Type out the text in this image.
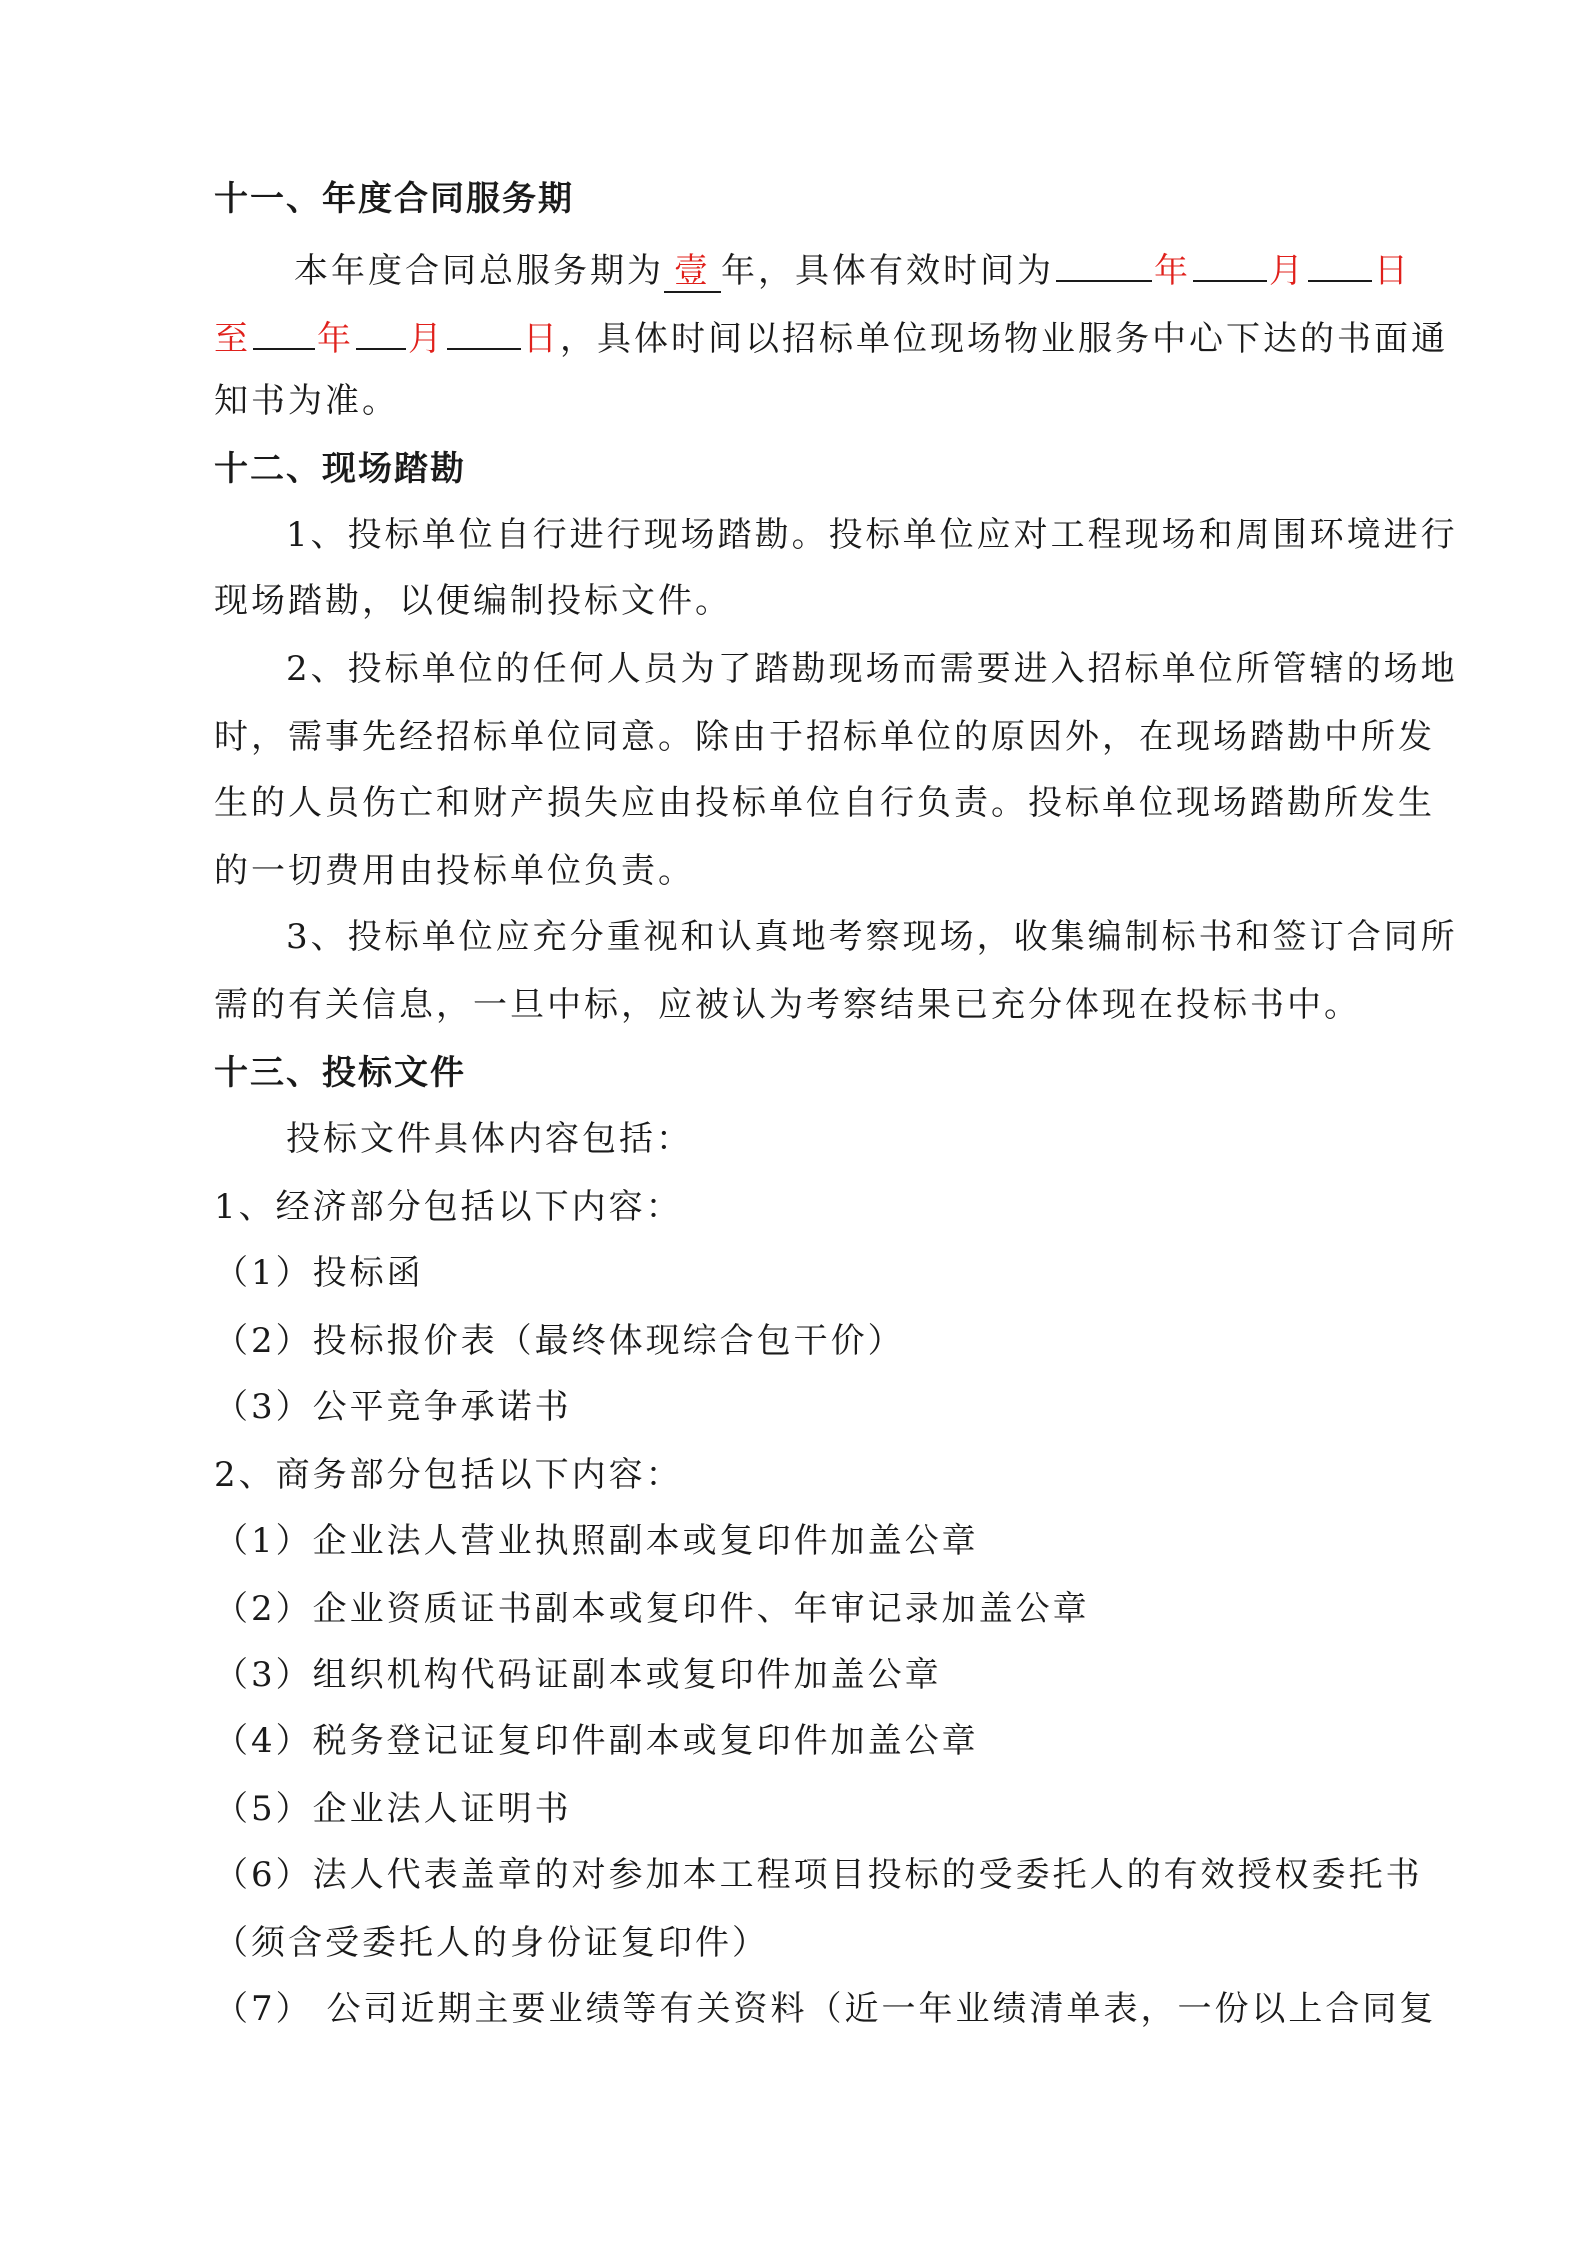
十一、年度合同服务期
本年度合同总服务期为 壹 年，具体有效时间为	年 月 日
至 年 月 日，具体时间以招标单位现场物业服务中心下达的书面通
知书为准。
十二、现场踏勘
1、投标单位自行进行现场踏勘。投标单位应对工程现场和周围环境进行
现场踏勘，以便编制投标文件。
2、投标单位的任何人员为了踏勘现场而需要进入招标单位所管辖的场地
时，需事先经招标单位同意。除由于招标单位的原因外，在现场踏勘中所发
生的人员伤亡和财产损失应由投标单位自行负责。投标单位现场踏勘所发生
的一切费用由投标单位负责。
3、投标单位应充分重视和认真地考察现场，收集编制标书和签订合同所
需的有关信息，一旦中标，应被认为考察结果已充分体现在投标书中。
十三、投标文件
投标文件具体内容包括：
1、经济部分包括以下内容：
（1）投标函
（2）投标报价表（最终体现综合包干价）
（3）公平竞争承诺书
2、商务部分包括以下内容：
（1）企业法人营业执照副本或复印件加盖公章
（2）企业资质证书副本或复印件、年审记录加盖公章
（3）组织机构代码证副本或复印件加盖公章
（4）税务登记证复印件副本或复印件加盖公章
（5）企业法人证明书
（6）法人代表盖章的对参加本工程项目投标的受委托人的有效授权委托书
（须含受委托人的身份证复印件）
（7） 公司近期主要业绩等有关资料（近一年业绩清单表，一份以上合同复
